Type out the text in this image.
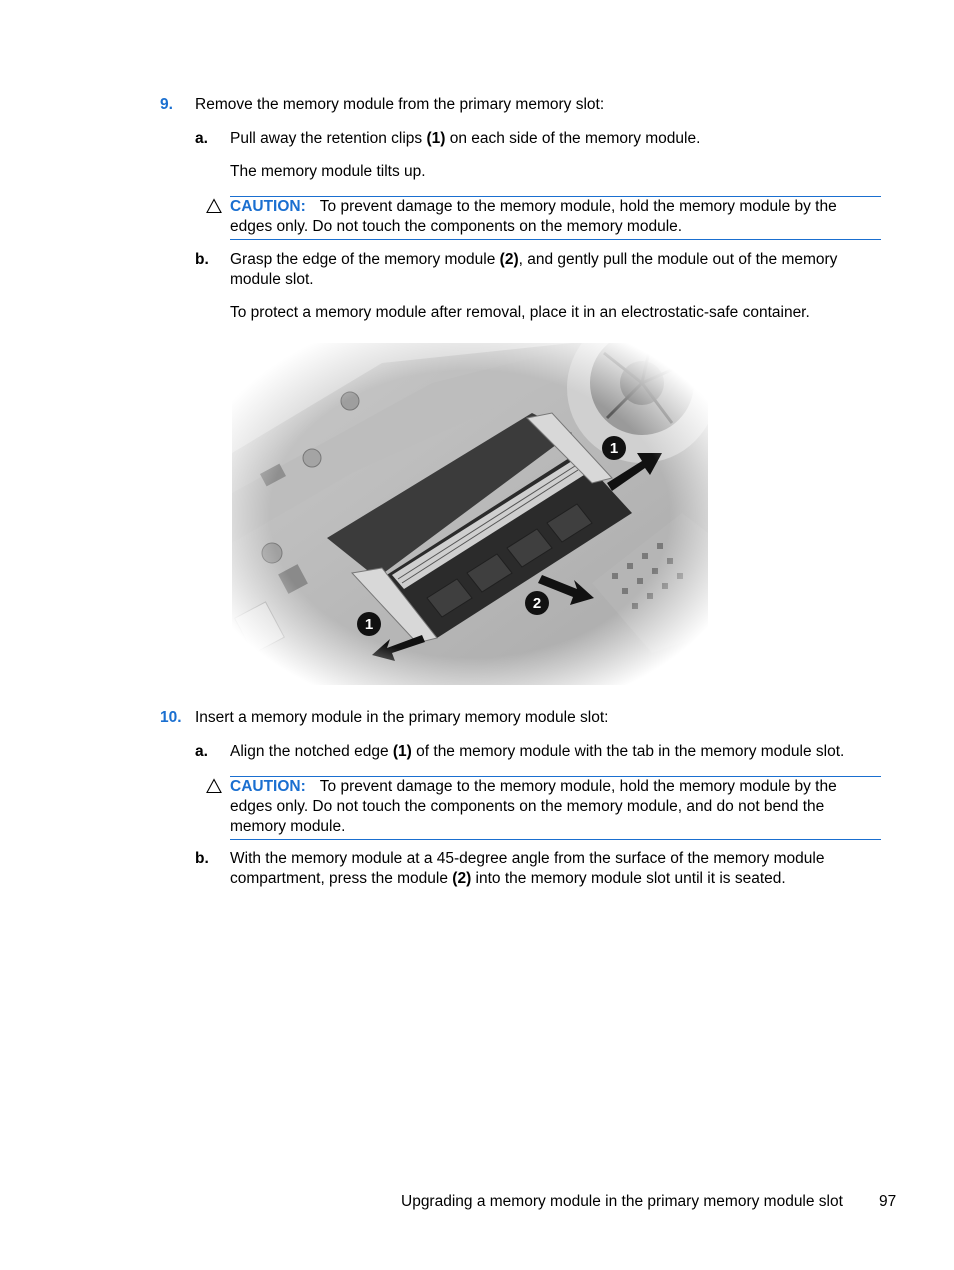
9. Remove the memory module from the primary memory slot:
a. Pull away the retention clips (1) on each side of the memory module.
The memory module tilts up.
CAUTION: To prevent damage to the memory module, hold the memory module by the edges only. Do not touch the components on the memory module.
b. Grasp the edge of the memory module (2), and gently pull the module out of the memory module slot.
To protect a memory module after removal, place it in an electrostatic-safe container.
10. Insert a memory module in the primary memory module slot:
a. Align the notched edge (1) of the memory module with the tab in the memory module slot.
CAUTION: To prevent damage to the memory module, hold the memory module by the edges only. Do not touch the components on the memory module, and do not bend the memory module.
b. With the memory module at a 45-degree angle from the surface of the memory module compartment, press the module (2) into the memory module slot until it is seated.
Upgrading a memory module in the primary memory module slot 97
